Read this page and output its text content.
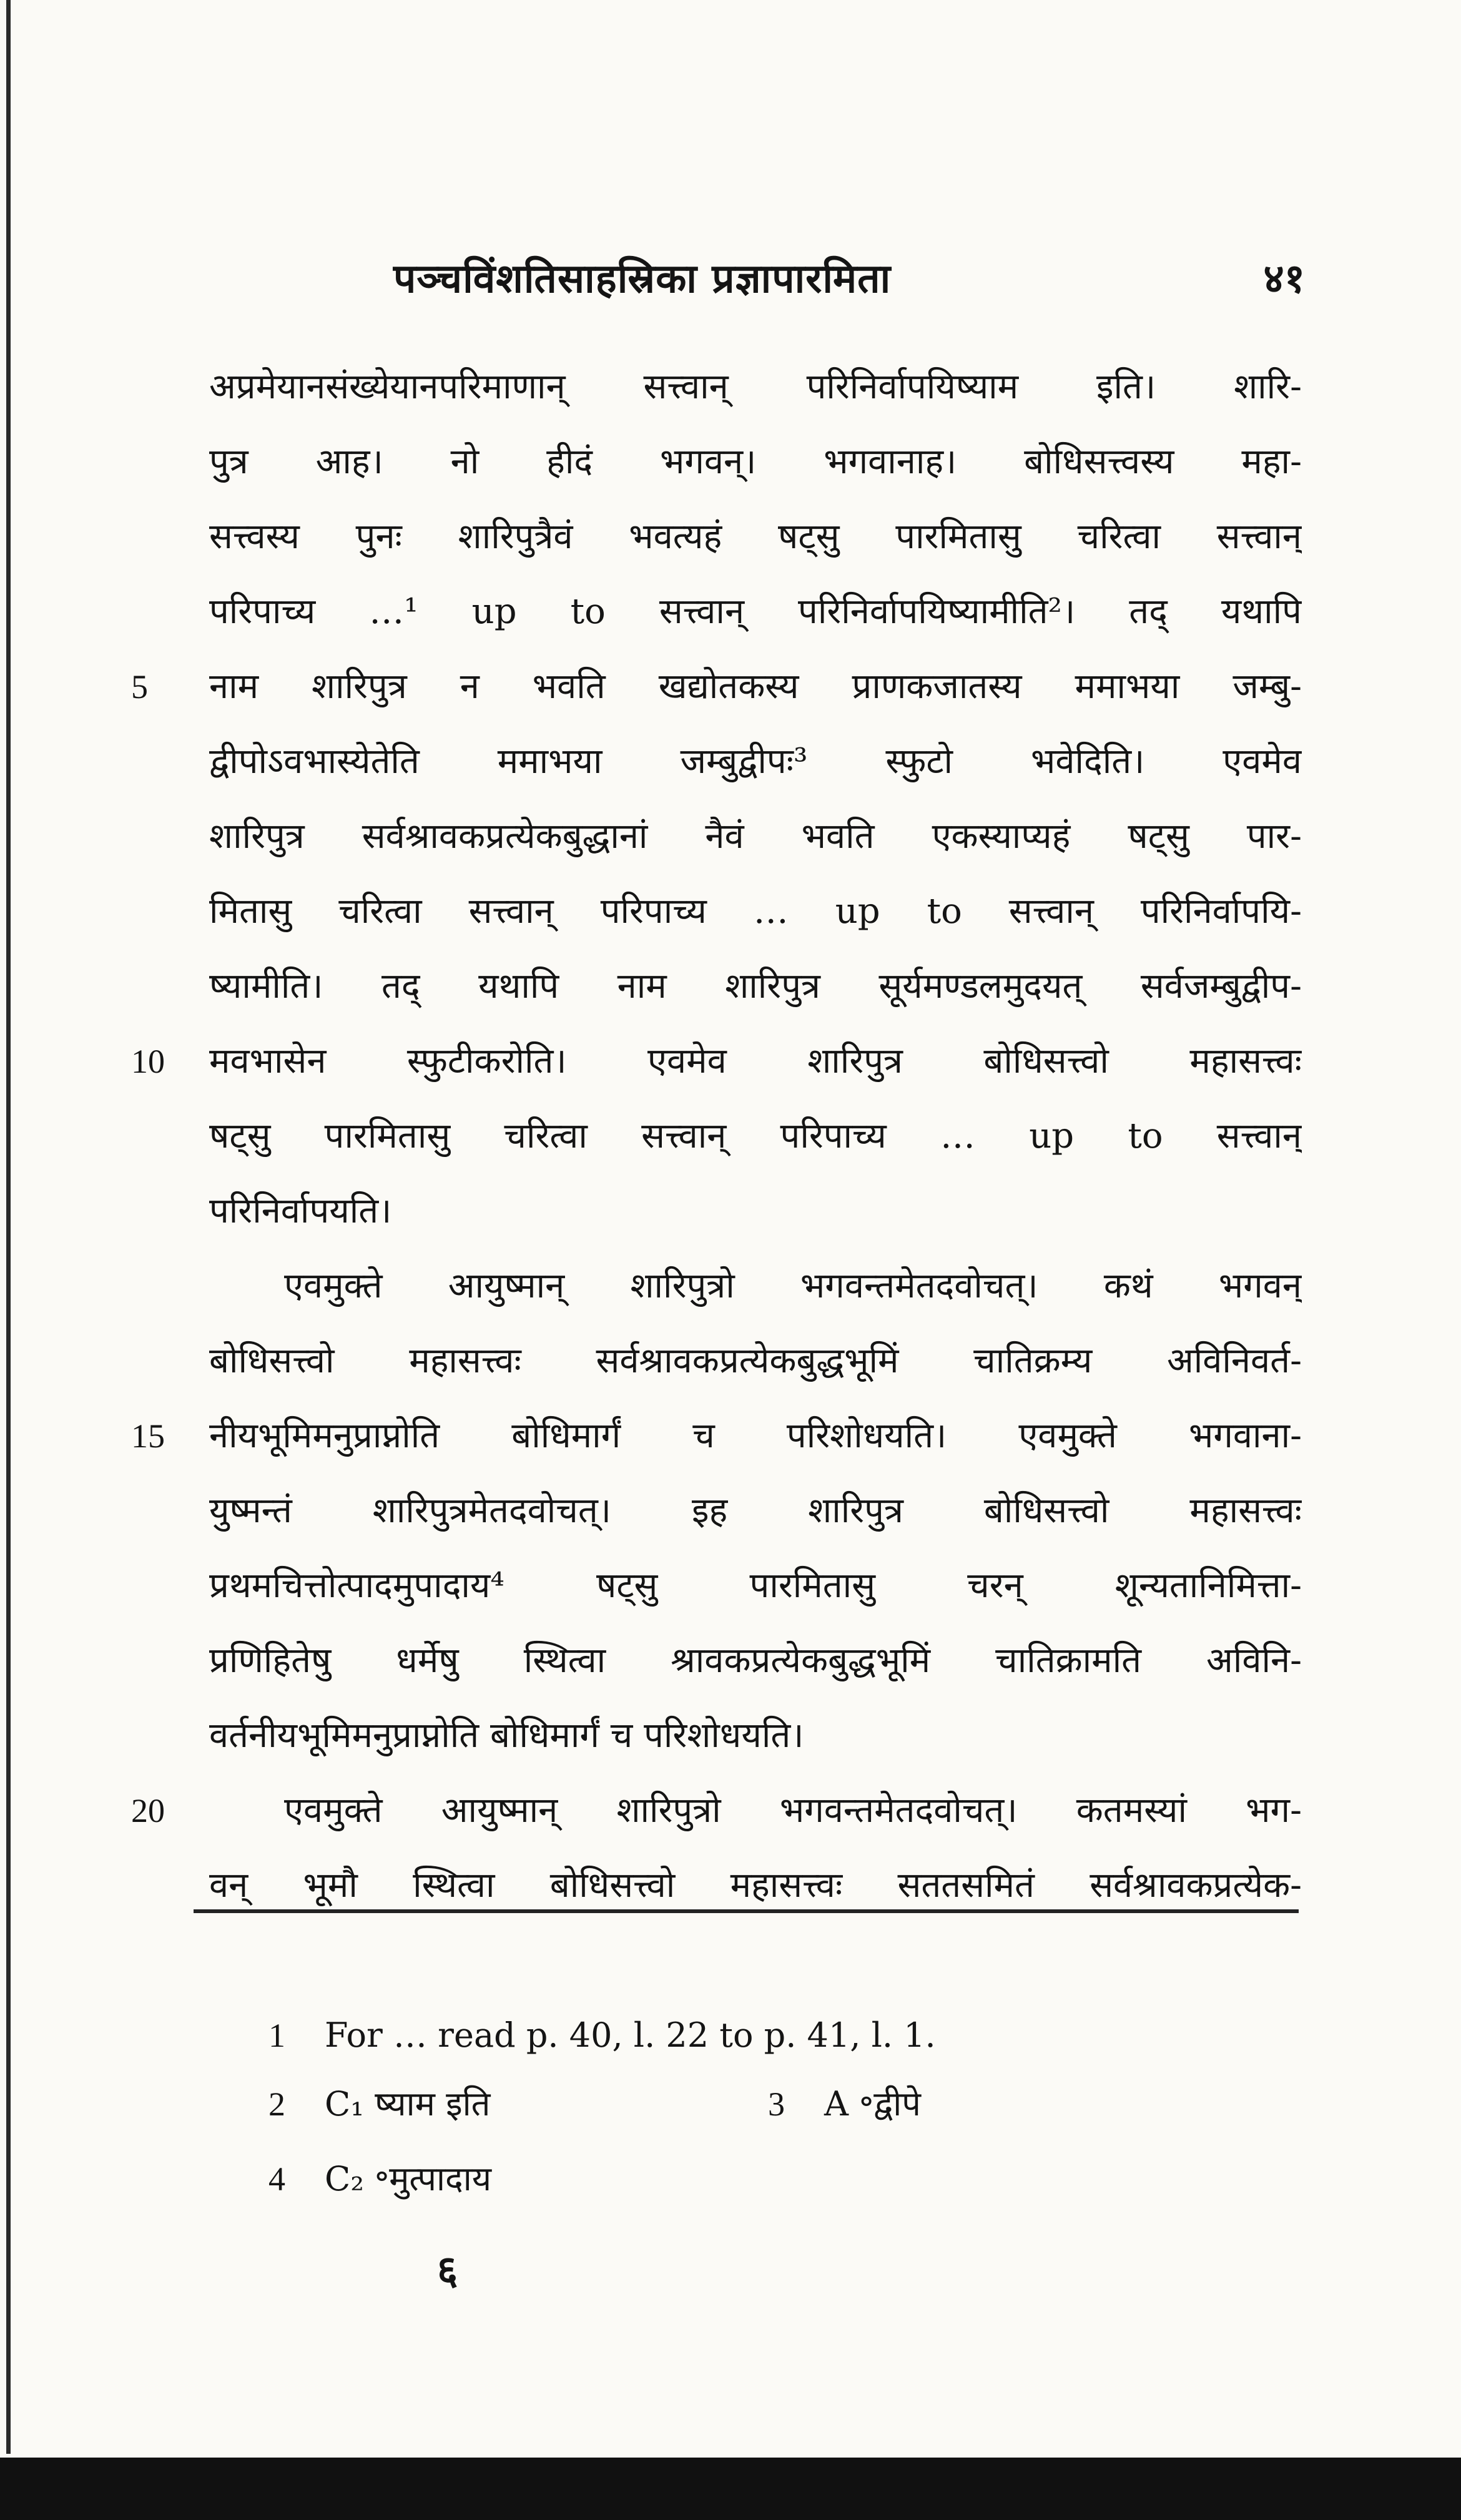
पञ्चविंशतिसाहस्रिका प्रज्ञापारमिता	४१
अप्रमेयानसंख्येयानपरिमाणान् सत्त्वान् परिनिर्वापयिष्याम इति। शारि-
पुत्र आह। नो हीदं भगवन्। भगवानाह। बोधिसत्त्वस्य महा-
सत्त्वस्य पुनः शारिपुत्रैवं भवत्यहं षट्सु पारमितासु चरित्वा सत्त्वान्
परिपाच्य …¹ up to सत्त्वान् परिनिर्वापयिष्यामीति²। तद् यथापि
5	नाम शारिपुत्र न भवति खद्योतकस्य प्राणकजातस्य ममाभया जम्बु-
द्वीपोऽवभास्येतेति ममाभया जम्बुद्वीपः³ स्फुटो भवेदिति। एवमेव
शारिपुत्र सर्वश्रावकप्रत्येकबुद्धानां नैवं भवति एकस्याप्यहं षट्सु पार-
मितासु चरित्वा सत्त्वान् परिपाच्य … up to सत्त्वान् परिनिर्वापयि-
ष्यामीति। तद् यथापि नाम शारिपुत्र सूर्यमण्डलमुदयत् सर्वजम्बुद्वीप-
10	मवभासेन स्फुटीकरोति। एवमेव शारिपुत्र बोधिसत्त्वो महासत्त्वः
षट्सु पारमितासु चरित्वा सत्त्वान् परिपाच्य … up to सत्त्वान्
परिनिर्वापयति।
एवमुक्ते आयुष्मान् शारिपुत्रो भगवन्तमेतदवोचत्। कथं भगवन्
बोधिसत्त्वो महासत्त्वः सर्वश्रावकप्रत्येकबुद्धभूमिं चातिक्रम्य अविनिवर्त-
15	नीयभूमिमनुप्राप्नोति बोधिमार्गं च परिशोधयति। एवमुक्ते भगवाना-
युष्मन्तं शारिपुत्रमेतदवोचत्। इह शारिपुत्र बोधिसत्त्वो महासत्त्वः
प्रथमचित्तोत्पादमुपादाय⁴ षट्सु पारमितासु चरन् शून्यतानिमित्ता-
प्रणिहितेषु धर्मेषु स्थित्वा श्रावकप्रत्येकबुद्धभूमिं चातिक्रामति अविनि-
वर्तनीयभूमिमनुप्राप्नोति बोधिमार्गं च परिशोधयति।
20	एवमुक्ते आयुष्मान् शारिपुत्रो भगवन्तमेतदवोचत्। कतमस्यां भग-
वन् भूमौ स्थित्वा बोधिसत्त्वो महासत्त्वः सततसमितं सर्वश्रावकप्रत्येक-
1 For … read p. 40, l. 22 to p. 41, l. 1.
2 C₁ ष्याम इति	3 A ॰द्वीपे
4 C₂ ॰मुत्पादाय
६
